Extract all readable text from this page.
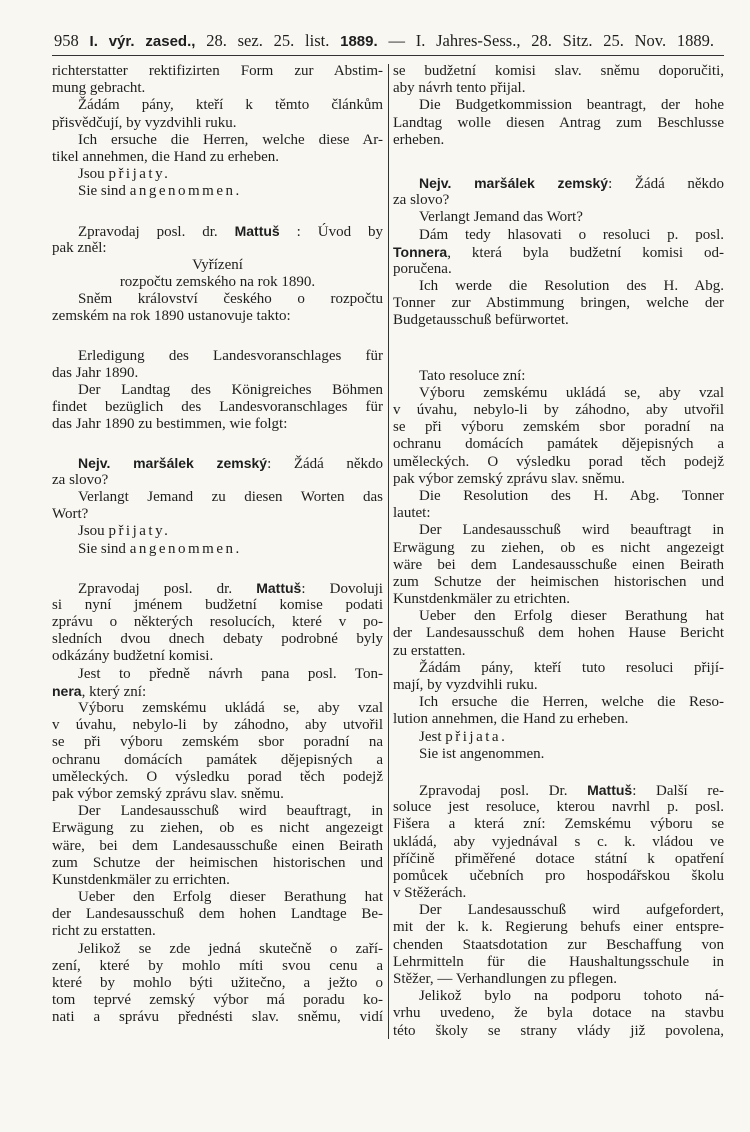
958 I. výr. zased., 28. sez. 25. list. 1889. — I. Jahres-Sess., 28. Sitz. 25. Nov. 1889.
richterstatter rektifizirten Form zur Abstim-
mung gebracht.
Žádám pány, kteří k těmto článkům
přisvědčují, by vyzdvihli ruku.
Ich ersuche die Herren, welche diese Ar-
tikel annehmen, die Hand zu erheben.
Jsou přijaty.
Sie sind angenommen.
Zpravodaj posl. dr. Mattuš : Úvod by
pak zněl:
Vyřízení
rozpočtu zemského na rok 1890.
Sněm království českého o rozpočtu
zemském na rok 1890 ustanovuje takto:
Erledigung des Landesvoranschlages für
das Jahr 1890.
Der Landtag des Königreiches Böhmen
findet bezüglich des Landesvoranschlages für
das Jahr 1890 zu bestimmen, wie folgt:
Nejv. maršálek zemský: Žádá někdo
za slovo?
Verlangt Jemand zu diesen Worten das
Wort?
Jsou přijaty.
Sie sind angenommen.
Zpravodaj posl. dr. Mattuš: Dovoluji
si nyní jménem budžetní komise podati
zprávu o některých resolucích, které v po-
sledních dvou dnech debaty podrobné byly
odkázány budžetní komisi.
Jest to předně návrh pana posl. Ton-
nera, který zní:
Výboru zemskému ukládá se, aby vzal
v úvahu, nebylo-li by záhodno, aby utvořil
se při výboru zemském sbor poradní na
ochranu domácích památek dějepisných a
uměleckých. O výsledku porad těch podejž
pak výbor zemský zprávu slav. sněmu.
Der Landesausschuß wird beauftragt, in
Erwägung zu ziehen, ob es nicht angezeigt
wäre, bei dem Landesausschuße einen Beirath
zum Schutze der heimischen historischen und
Kunstdenkmäler zu errichten.
Ueber den Erfolg dieser Berathung hat
der Landesausschuß dem hohen Landtage Be-
richt zu erstatten.
Jelikož se zde jedná skutečně o zaří-
zení, které by mohlo míti svou cenu a
které by mohlo býti užitečno, a ježto o
tom teprvé zemský výbor má poradu ko-
nati a správu přednésti slav. sněmu, vidí
se budžetní komisi slav. sněmu doporučiti,
aby návrh tento přijal.
Die Budgetkommission beantragt, der hohe
Landtag wolle diesen Antrag zum Beschlusse
erheben.
Nejv. maršálek zemský: Žádá někdo
za slovo?
Verlangt Jemand das Wort?
Dám tedy hlasovati o resoluci p. posl.
Tonnera, která byla budžetní komisi od-
poručena.
Ich werde die Resolution des H. Abg.
Tonner zur Abstimmung bringen, welche der
Budgetausschuß befürwortet.
Tato resoluce zní:
Výboru zemskému ukládá se, aby vzal
v úvahu, nebylo-li by záhodno, aby utvořil
se při výboru zemském sbor poradní na
ochranu domácích památek dějepisných a
uměleckých. O výsledku porad těch podejž
pak výbor zemský zprávu slav. sněmu.
Die Resolution des H. Abg. Tonner
lautet:
Der Landesausschuß wird beauftragt in
Erwägung zu ziehen, ob es nicht angezeigt
wäre bei dem Landesausschuße einen Beirath
zum Schutze der heimischen historischen und
Kunstdenkmäler zu etrichten.
Ueber den Erfolg dieser Berathung hat
der Landesausschuß dem hohen Hause Bericht
zu erstatten.
Žádám pány, kteří tuto resoluci přijí-
mají, by vyzdvihli ruku.
Ich ersuche die Herren, welche die Reso-
lution annehmen, die Hand zu erheben.
Jest přijata.
Sie ist angenommen.
Zpravodaj posl. Dr. Mattuš: Další re-
soluce jest resoluce, kterou navrhl p. posl.
Fišera a která zní: Zemskému výboru se
ukládá, aby vyjednával s c. k. vládou ve
příčině přiměřené dotace státní k opatření
pomůcek učebních pro hospodářskou školu
v Stěžerách.
Der Landesausschuß wird aufgefordert,
mit der k. k. Regierung behufs einer entspre-
chenden Staatsdotation zur Beschaffung von
Lehrmitteln für die Haushaltungsschule in
Stěžer, — Verhandlungen zu pflegen.
Jelikož bylo na podporu tohoto ná-
vrhu uvedeno, že byla dotace na stavbu
této školy se strany vlády již povolena,
